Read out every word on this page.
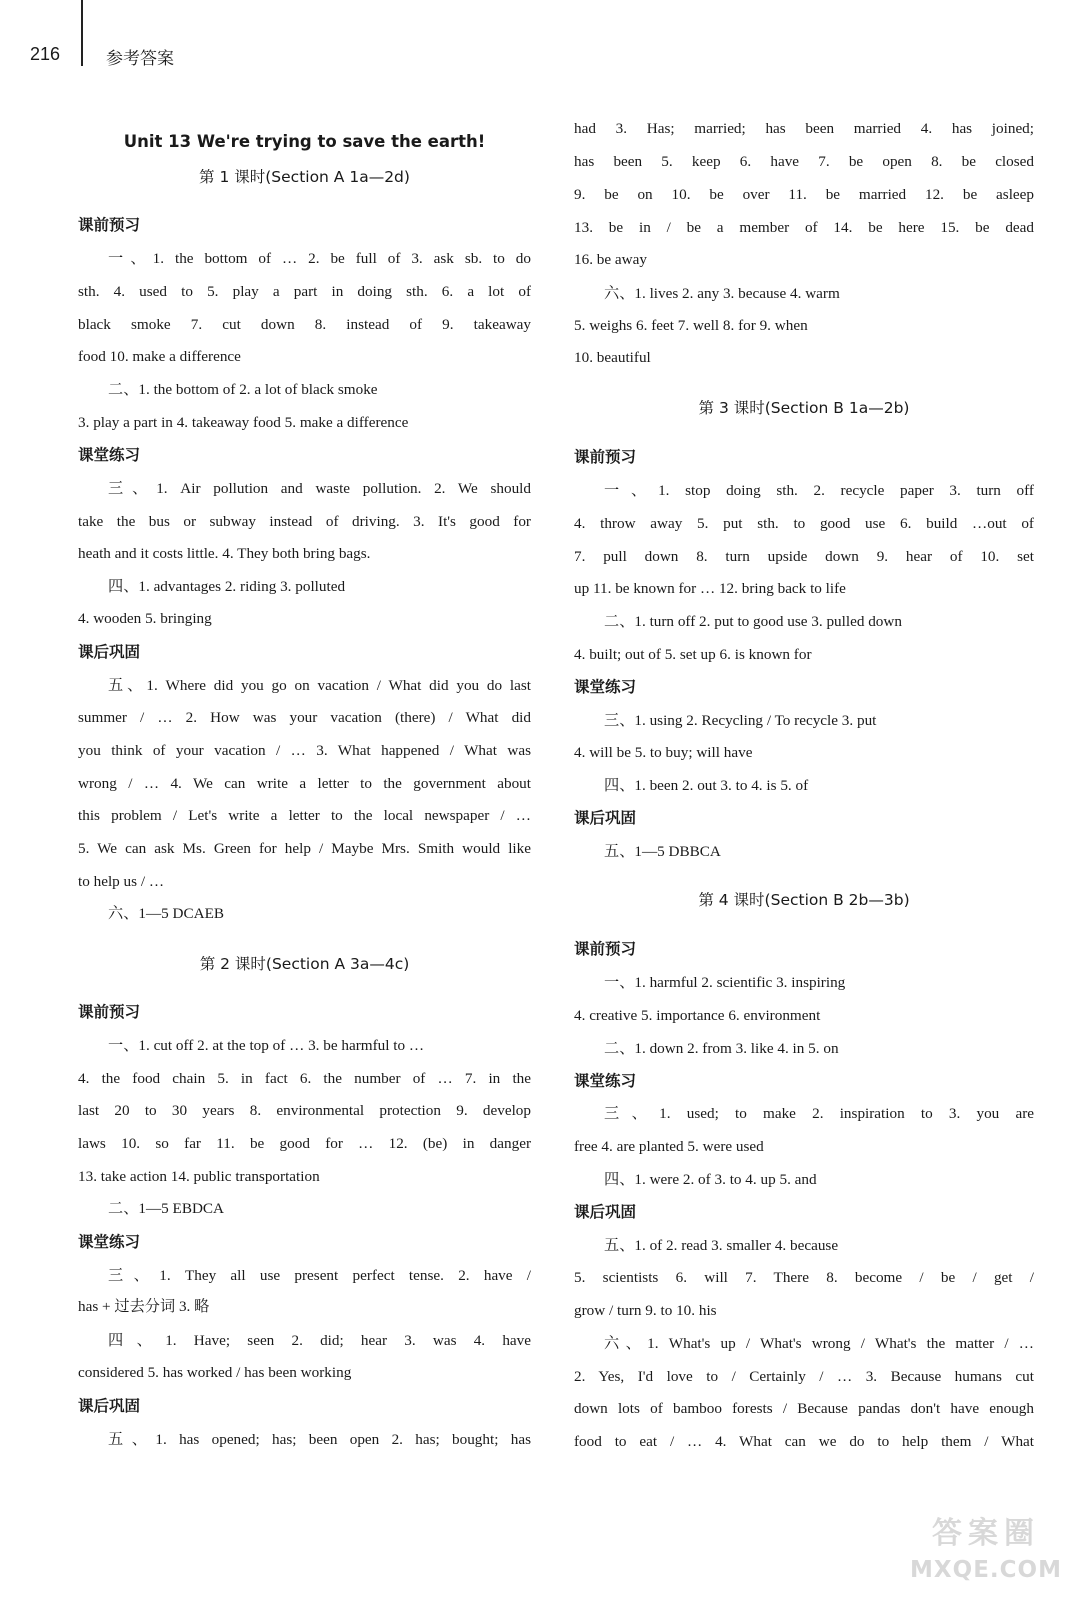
216	参考答案
Unit 13 We're trying to save the earth!
第 1 课时(Section A 1a—2d)
课前预习
一、1. the bottom of … 2. be full of 3. ask sb. to do
sth. 4. used to 5. play a part in doing sth. 6. a lot of
black smoke 7. cut down 8. instead of 9. takeaway
food 10. make a difference
二、1. the bottom of 2. a lot of black smoke
3. play a part in 4. takeaway food 5. make a difference
课堂练习
三、1. Air pollution and waste pollution. 2. We should
take the bus or subway instead of driving. 3. It's good for
heath and it costs little. 4. They both bring bags.
四、1. advantages 2. riding 3. polluted
4. wooden 5. bringing
课后巩固
五、1. Where did you go on vacation / What did you do last
summer / … 2. How was your vacation (there) / What did
you think of your vacation / … 3. What happened / What was
wrong / … 4. We can write a letter to the government about
this problem / Let's write a letter to the local newspaper / …
5. We can ask Ms. Green for help / Maybe Mrs. Smith would like
to help us / …
六、1—5 DCAEB
第 2 课时(Section A 3a—4c)
课前预习
一、1. cut off 2. at the top of … 3. be harmful to …
4. the food chain 5. in fact 6. the number of … 7. in the
last 20 to 30 years 8. environmental protection 9. develop
laws 10. so far 11. be good for … 12. (be) in danger
13. take action 14. public transportation
二、1—5 EBDCA
课堂练习
三、1. They all use present perfect tense. 2. have /
has + 过去分词 3. 略
四、1. Have; seen 2. did; hear 3. was 4. have
considered 5. has worked / has been working
课后巩固
五、1. has opened; has; been open 2. has; bought; has
had 3. Has; married; has been married 4. has joined;
has been 5. keep 6. have 7. be open 8. be closed
9. be on 10. be over 11. be married 12. be asleep
13. be in / be a member of 14. be here 15. be dead
16. be away
六、1. lives 2. any 3. because 4. warm
5. weighs 6. feet 7. well 8. for 9. when
10. beautiful
第 3 课时(Section B 1a—2b)
课前预习
一、1. stop doing sth. 2. recycle paper 3. turn off
4. throw away 5. put sth. to good use 6. build …out of
7. pull down 8. turn upside down 9. hear of 10. set
up 11. be known for … 12. bring back to life
二、1. turn off 2. put to good use 3. pulled down
4. built; out of 5. set up 6. is known for
课堂练习
三、1. using 2. Recycling / To recycle 3. put
4. will be 5. to buy; will have
四、1. been 2. out 3. to 4. is 5. of
课后巩固
五、1—5 DBBCA
第 4 课时(Section B 2b—3b)
课前预习
一、1. harmful 2. scientific 3. inspiring
4. creative 5. importance 6. environment
二、1. down 2. from 3. like 4. in 5. on
课堂练习
三、1. used; to make 2. inspiration to 3. you are
free 4. are planted 5. were used
四、1. were 2. of 3. to 4. up 5. and
课后巩固
五、1. of 2. read 3. smaller 4. because
5. scientists 6. will 7. There 8. become / be / get /
grow / turn 9. to 10. his
六、1. What's up / What's wrong / What's the matter / …
2. Yes, I'd love to / Certainly / … 3. Because humans cut
down lots of bamboo forests / Because pandas don't have enough
food to eat / … 4. What can we do to help them / What
答案圈
MXQE.COM
